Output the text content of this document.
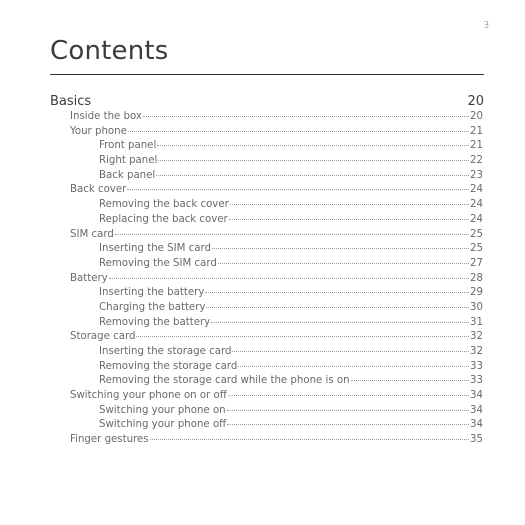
3
Contents
Basics	20
Inside the box	20
Your phone	21
Front panel	21
Right panel	22
Back panel	23
Back cover	24
Removing the back cover	24
Replacing the back cover	24
SIM card	25
Inserting the SIM card	25
Removing the SIM card	27
Battery	28
Inserting the battery	29
Charging the battery	30
Removing the battery	31
Storage card	32
Inserting the storage card	32
Removing the storage card	33
Removing the storage card while the phone is on	33
Switching your phone on or off	34
Switching your phone on	34
Switching your phone off	34
Finger gestures	35
